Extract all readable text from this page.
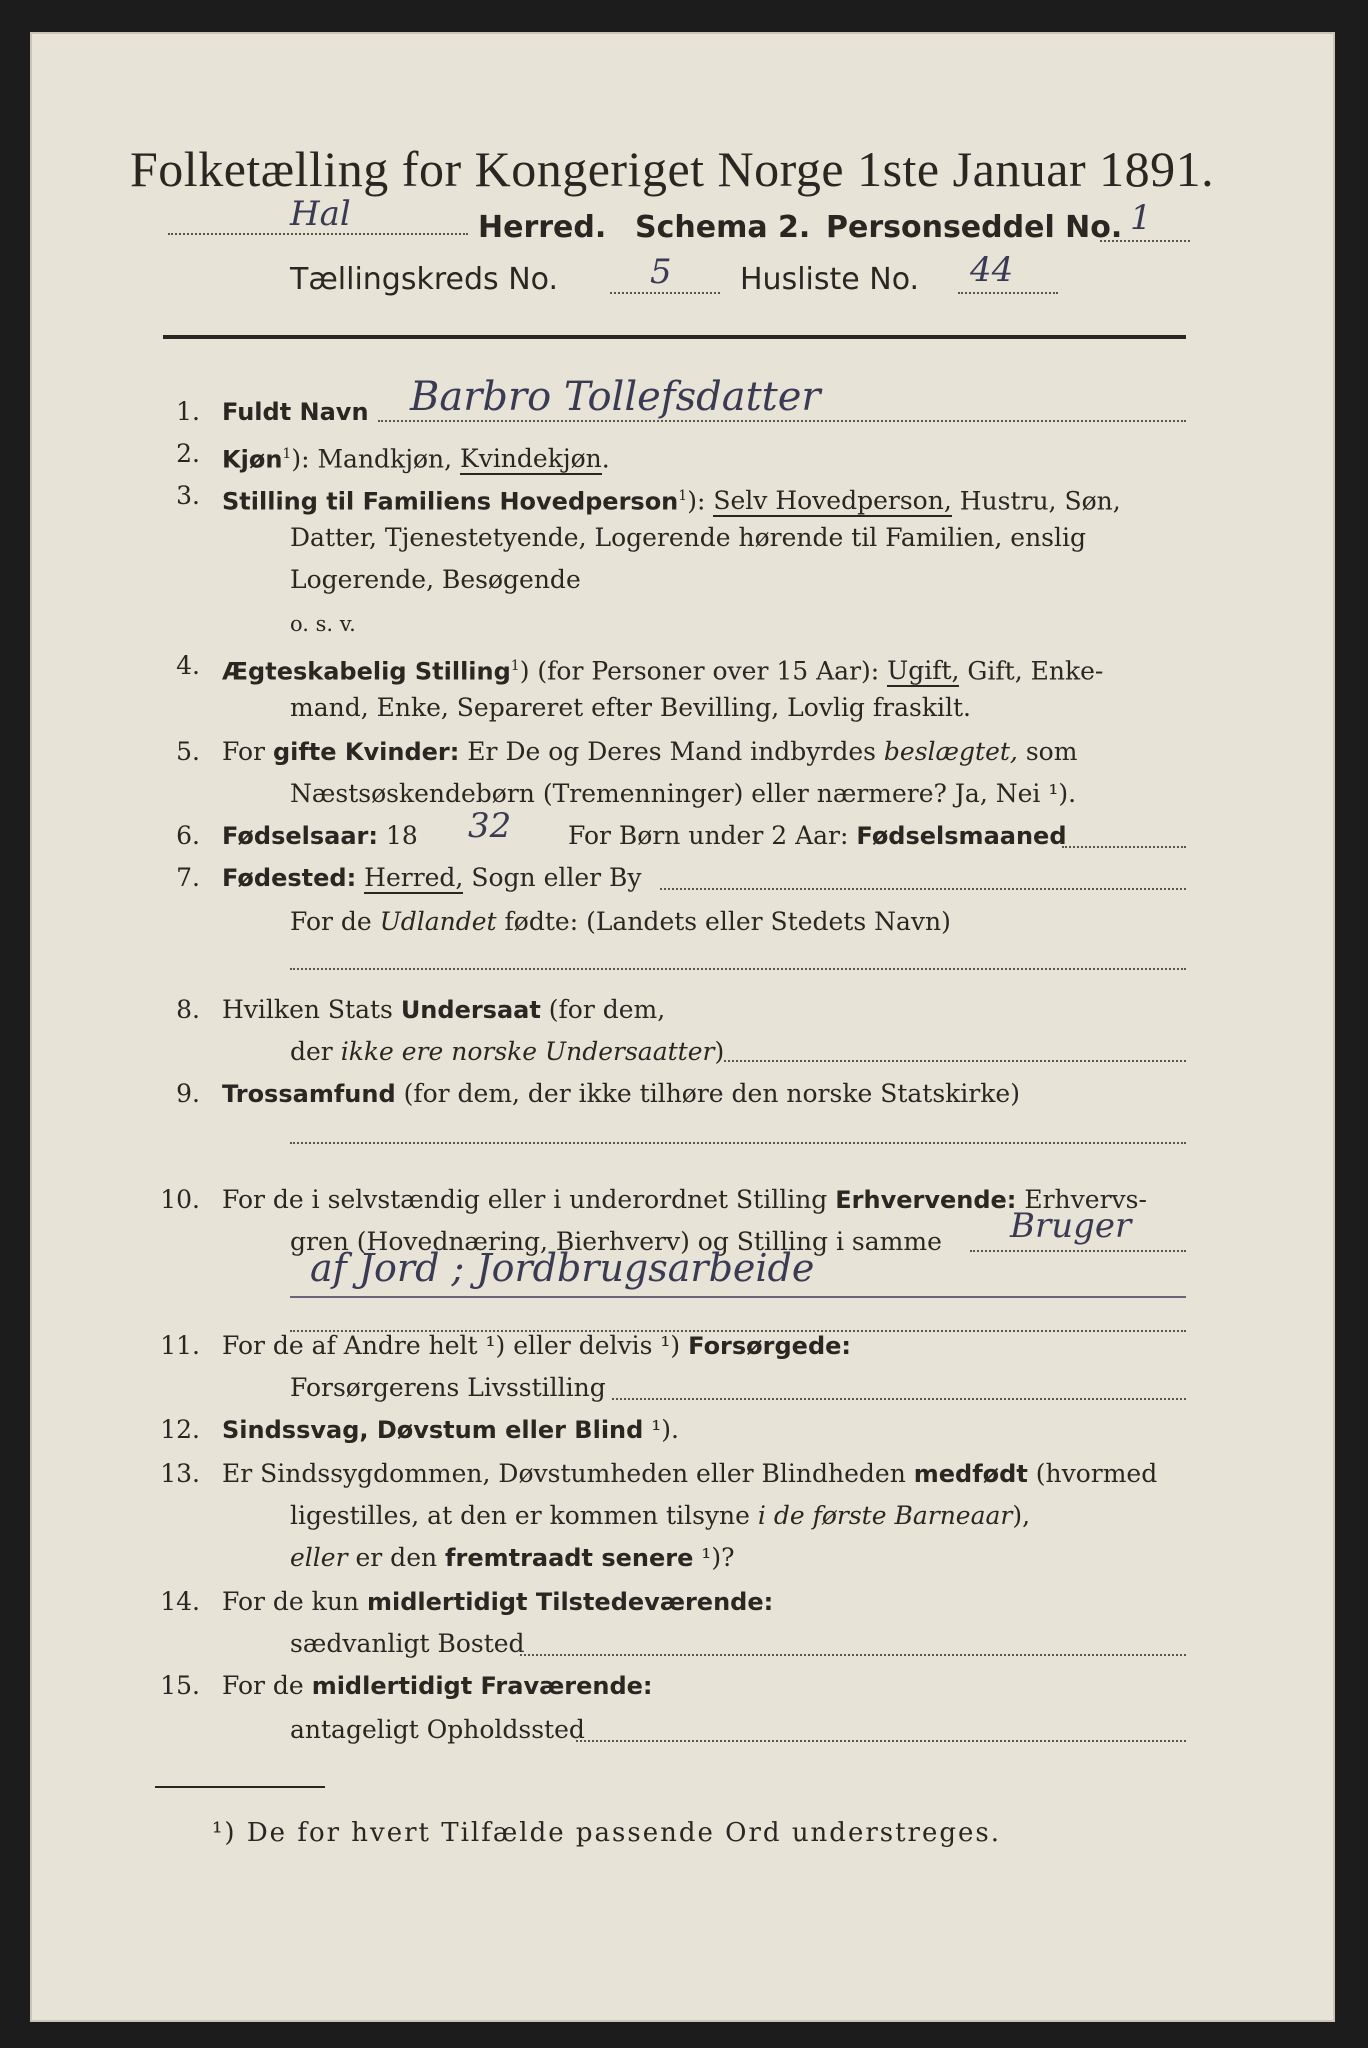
Folketælling for Kongeriget Norge 1ste Januar 1891.
Hal	Herred. Schema 2. Personseddel No. 1
Tællingskreds No.	5 Husliste No. 44
1. Fuldt Navn Barbro Tollefsdatter
2. Kjøn$^1$): Mandkjøn, Kvindekjøn.
3. Stilling til Familiens Hovedperson$^1$): Selv Hovedperson, Hustru, Søn,
Datter, Tjenestetyende, Logerende hørende til Familien, enslig
Logerende, Besøgende
o. s. v.
4. Ægteskabelig Stilling$^1$) (for Personer over 15 Aar): Ugift, Gift, Enke-
mand, Enke, Separeret efter Bevilling, Lovlig fraskilt.
5. For gifte Kvinder: Er De og Deres Mand indbyrdes beslægtet, som
Næstsøskendebørn (Tremenninger) eller nærmere? Ja, Nei ¹).
6. Fødselsaar: 18 32 For Børn under 2 Aar: Fødselsmaaned
7. Fødested: Herred, Sogn eller By
For de Udlandet fødte: (Landets eller Stedets Navn)
8. Hvilken Stats Undersaat (for dem,
der ikke ere norske Undersaatter)
9. Trossamfund (for dem, der ikke tilhøre den norske Statskirke)
10. For de i selvstændig eller i underordnet Stilling Erhvervende: Erhvervs-
gren (Hovednæring, Bierhverv) og Stilling i samme Bruger
af Jord ; Jordbrugsarbeide
11. For de af Andre helt ¹) eller delvis ¹) Forsørgede:
Forsørgerens Livsstilling
12. Sindssvag, Døvstum eller Blind ¹).
13. Er Sindssygdommen, Døvstumheden eller Blindheden medfødt (hvormed
ligestilles, at den er kommen tilsyne i de første Barneaar),
eller er den fremtraadt senere ¹)?
14. For de kun midlertidigt Tilstedeværende:
sædvanligt Bosted
15. For de midlertidigt Fraværende:
antageligt Opholdssted
¹) De for hvert Tilfælde passende Ord understreges.
